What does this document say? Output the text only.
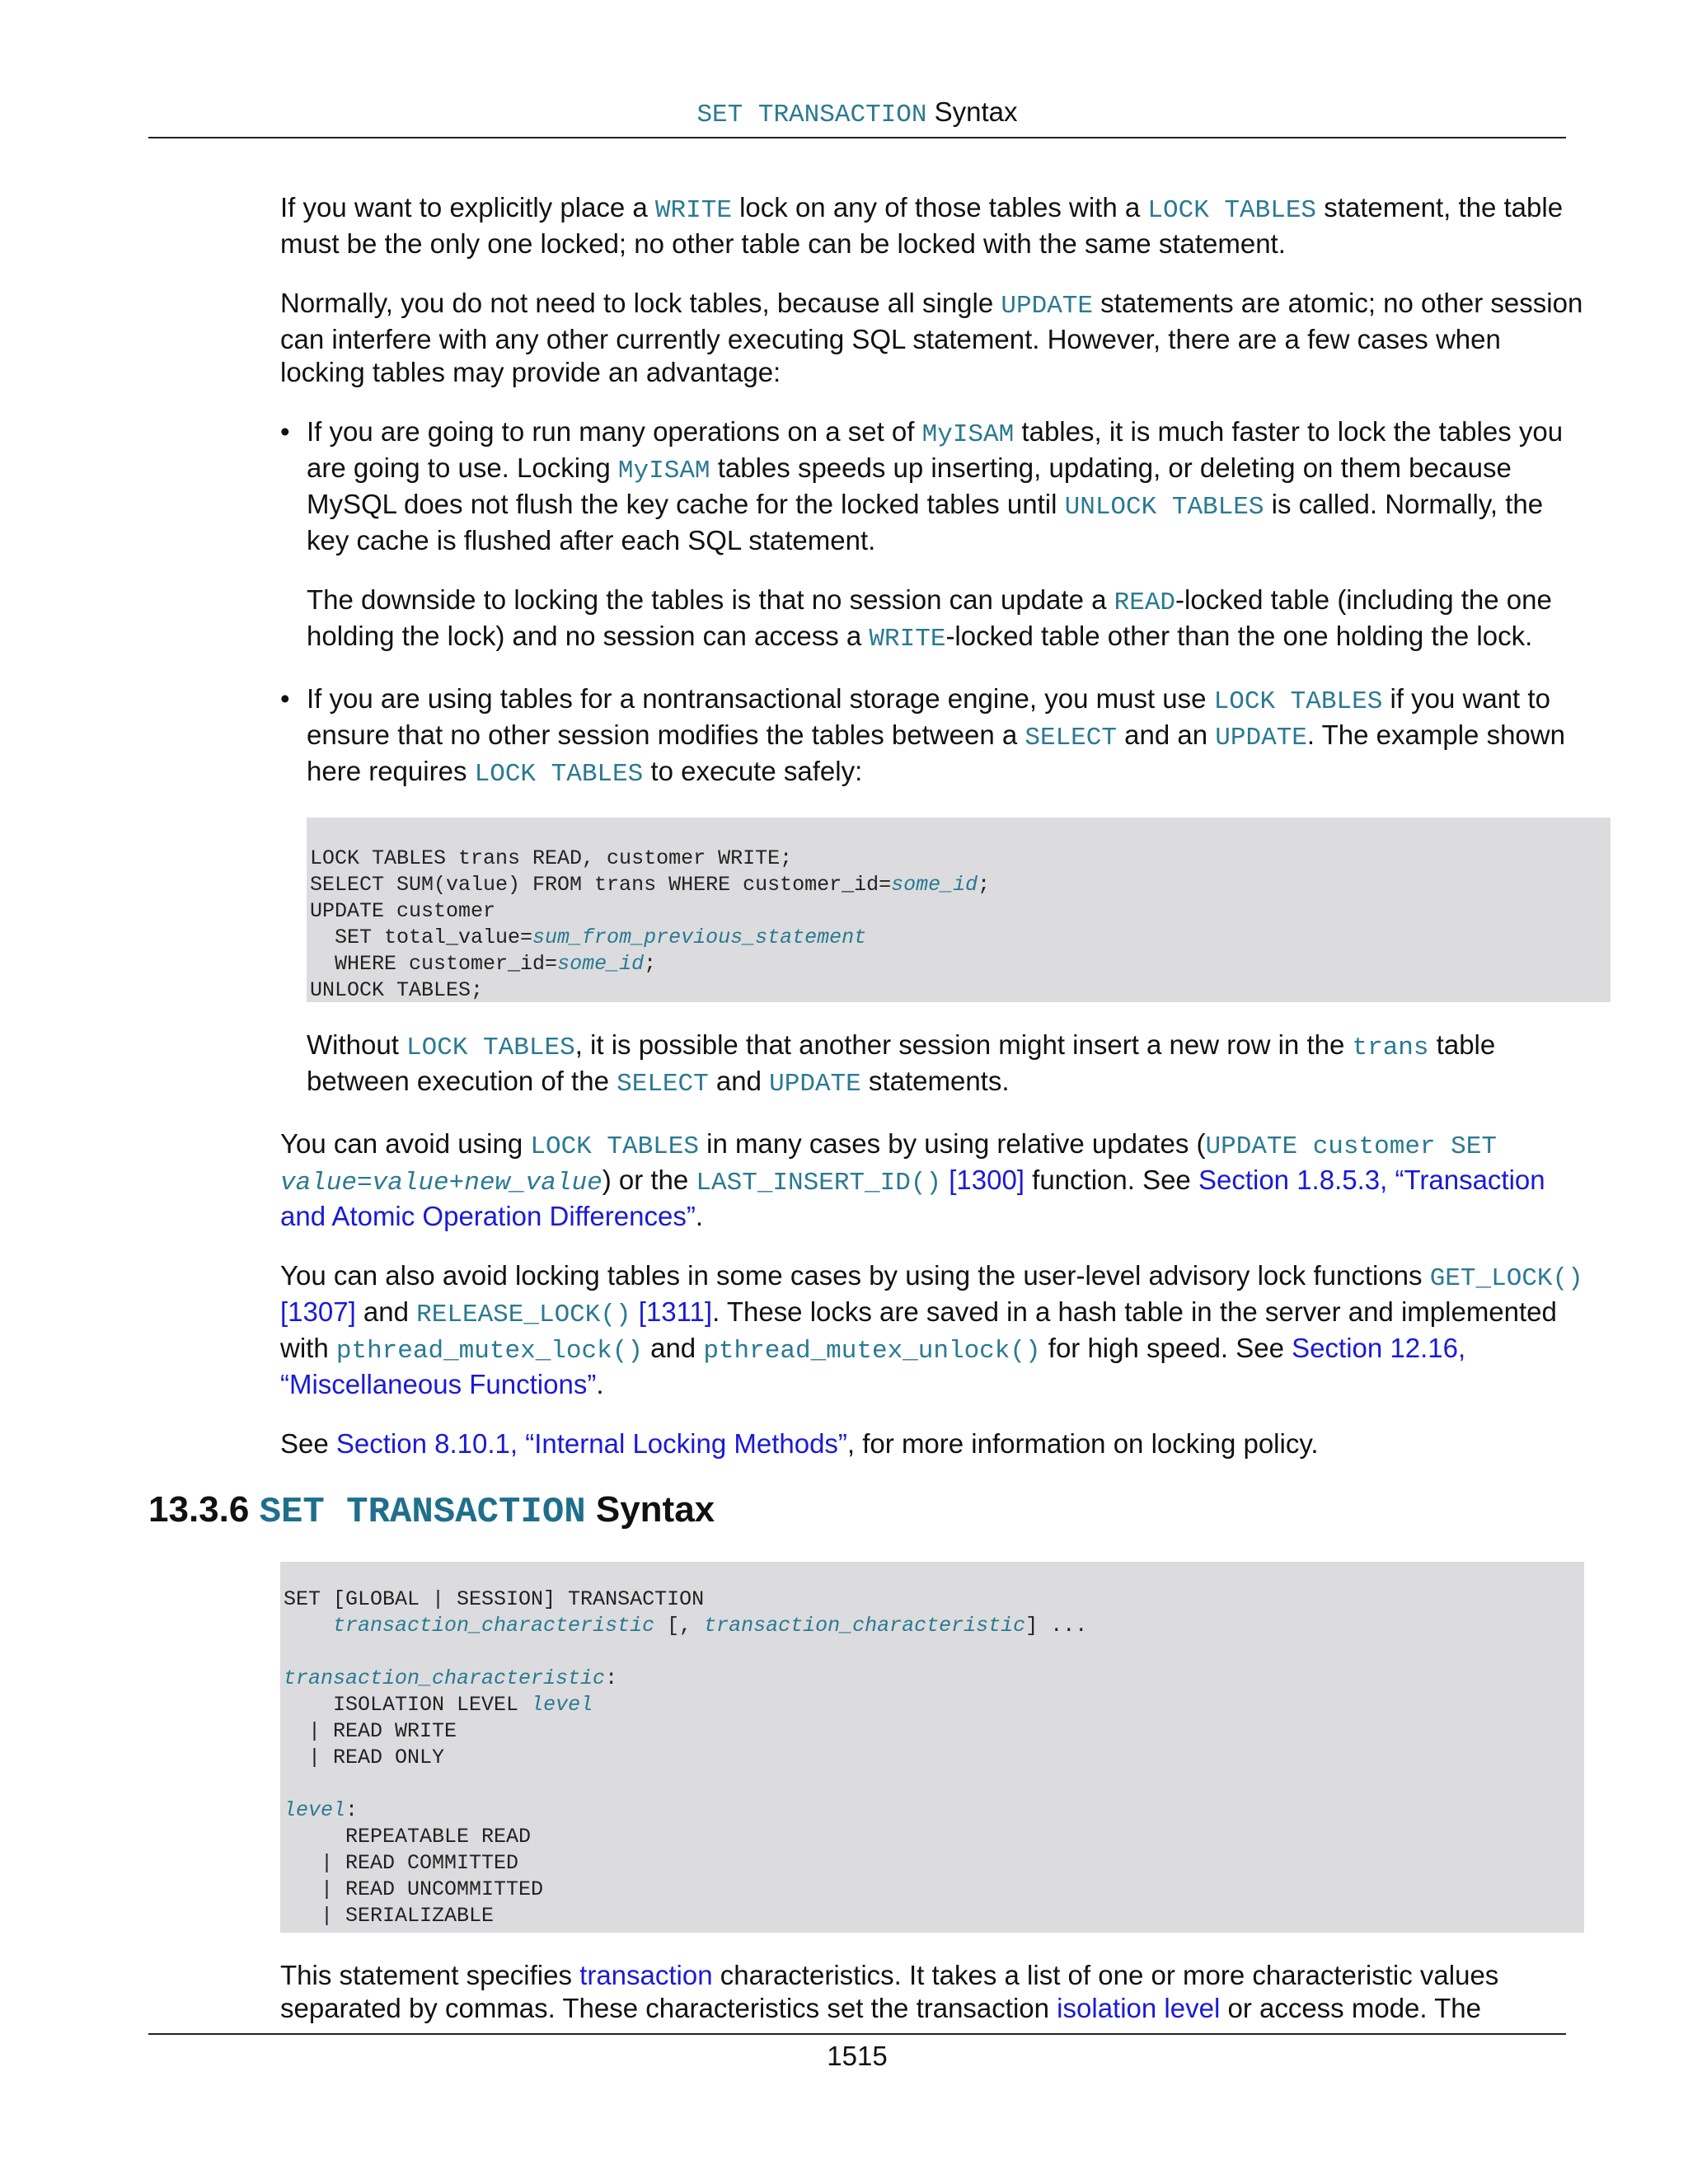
SET TRANSACTION Syntax

If you want to explicitly place a WRITE lock on any of those tables with a LOCK TABLES statement, the table must be the only one locked; no other table can be locked with the same statement.

Normally, you do not need to lock tables, because all single UPDATE statements are atomic; no other session can interfere with any other currently executing SQL statement. However, there are a few cases when locking tables may provide an advantage:

• If you are going to run many operations on a set of MyISAM tables, it is much faster to lock the tables you are going to use. Locking MyISAM tables speeds up inserting, updating, or deleting on them because MySQL does not flush the key cache for the locked tables until UNLOCK TABLES is called. Normally, the key cache is flushed after each SQL statement.

The downside to locking the tables is that no session can update a READ-locked table (including the one holding the lock) and no session can access a WRITE-locked table other than the one holding the lock.

• If you are using tables for a nontransactional storage engine, you must use LOCK TABLES if you want to ensure that no other session modifies the tables between a SELECT and an UPDATE. The example shown here requires LOCK TABLES to execute safely:

LOCK TABLES trans READ, customer WRITE;
SELECT SUM(value) FROM trans WHERE customer_id=some_id;
UPDATE customer
SET total_value=sum_from_previous_statement
WHERE customer_id=some_id;
UNLOCK TABLES;

Without LOCK TABLES, it is possible that another session might insert a new row in the trans table between execution of the SELECT and UPDATE statements.

You can avoid using LOCK TABLES in many cases by using relative updates (UPDATE customer SET value=value+new_value) or the LAST_INSERT_ID() [1300] function. See Section 1.8.5.3, “Transaction and Atomic Operation Differences”.

You can also avoid locking tables in some cases by using the user-level advisory lock functions GET_LOCK() [1307] and RELEASE_LOCK() [1311]. These locks are saved in a hash table in the server and implemented with pthread_mutex_lock() and pthread_mutex_unlock() for high speed. See Section 12.16, “Miscellaneous Functions”.

See Section 8.10.1, “Internal Locking Methods”, for more information on locking policy.

13.3.6 SET TRANSACTION Syntax
SET [GLOBAL | SESSION] TRANSACTION
transaction_characteristic [, transaction_characteristic] ...

transaction_characteristic:
ISOLATION LEVEL level
| READ WRITE
| READ ONLY

level:
REPEATABLE READ
| READ COMMITTED
| READ UNCOMMITTED
| SERIALIZABLE

This statement specifies transaction characteristics. It takes a list of one or more characteristic values separated by commas. These characteristics set the transaction isolation level or access mode. The

1515
